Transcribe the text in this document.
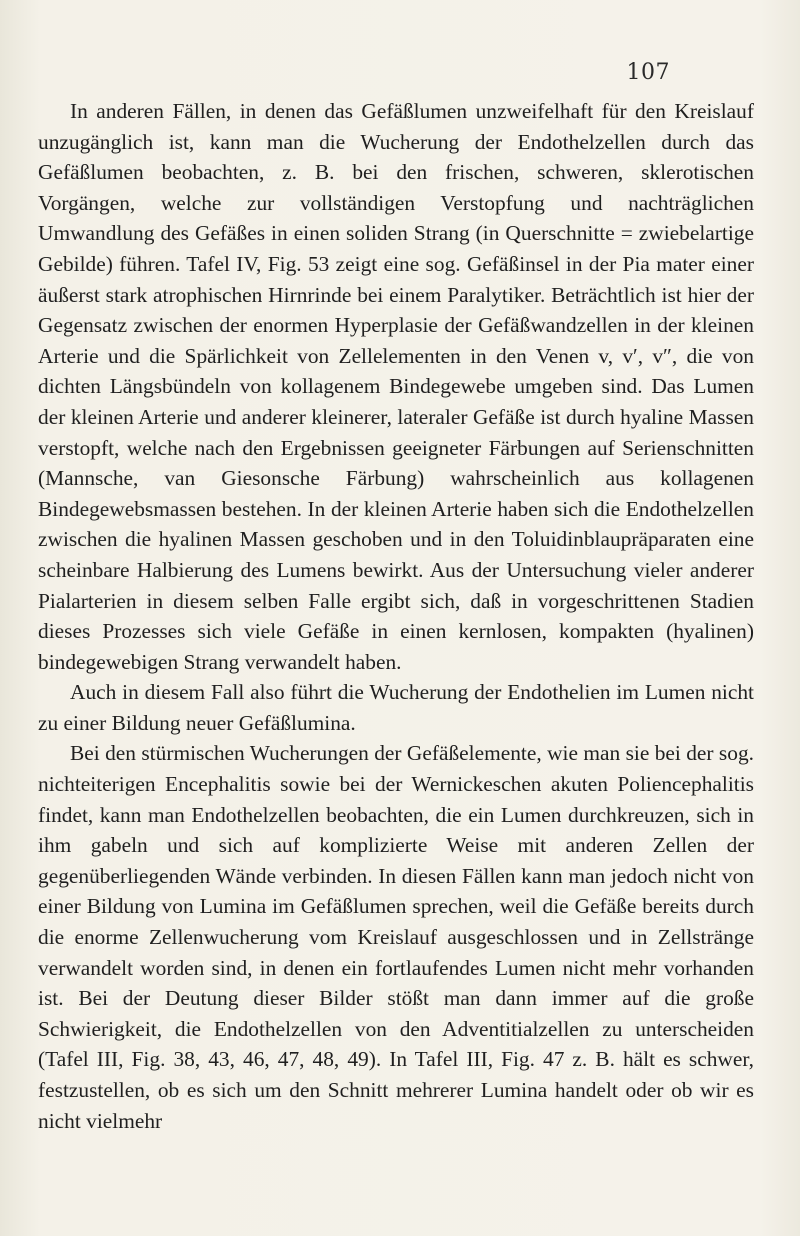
107

In anderen Fällen, in denen das Gefäßlumen unzweifelhaft für den Kreislauf unzugänglich ist, kann man die Wucherung der Endothelzellen durch das Gefäßlumen beobachten, z. B. bei den frischen, schweren, sklerotischen Vorgängen, welche zur vollständigen Verstopfung und nachträglichen Umwandlung des Gefäßes in einen soliden Strang (in Querschnitte = zwiebelartige Gebilde) führen. Tafel IV, Fig. 53 zeigt eine sog. Gefäßinsel in der Pia mater einer äußerst stark atrophischen Hirnrinde bei einem Paralytiker. Beträchtlich ist hier der Gegensatz zwischen der enormen Hyperplasie der Gefäßwandzellen in der kleinen Arterie und die Spärlichkeit von Zellelementen in den Venen v, v′, v″, die von dichten Längsbündeln von kollagenem Bindegewebe umgeben sind. Das Lumen der kleinen Arterie und anderer kleinerer, lateraler Gefäße ist durch hyaline Massen verstopft, welche nach den Ergebnissen geeigneter Färbungen auf Serienschnitten (Mannsche, van Giesonsche Färbung) wahrscheinlich aus kollagenen Bindegewebsmassen bestehen. In der kleinen Arterie haben sich die Endothelzellen zwischen die hyalinen Massen geschoben und in den Toluidinblaupräparaten eine scheinbare Halbierung des Lumens bewirkt. Aus der Untersuchung vieler anderer Pialarterien in diesem selben Falle ergibt sich, daß in vorgeschrittenen Stadien dieses Prozesses sich viele Gefäße in einen kernlosen, kompakten (hyalinen) bindegewebigen Strang verwandelt haben.

Auch in diesem Fall also führt die Wucherung der Endothelien im Lumen nicht zu einer Bildung neuer Gefäßlumina.

Bei den stürmischen Wucherungen der Gefäßelemente, wie man sie bei der sog. nichteiterigen Encephalitis sowie bei der Wernickeschen akuten Poliencephalitis findet, kann man Endothelzellen beobachten, die ein Lumen durchkreuzen, sich in ihm gabeln und sich auf komplizierte Weise mit anderen Zellen der gegenüberliegenden Wände verbinden. In diesen Fällen kann man jedoch nicht von einer Bildung von Lumina im Gefäßlumen sprechen, weil die Gefäße bereits durch die enorme Zellenwucherung vom Kreislauf ausgeschlossen und in Zellstränge verwandelt worden sind, in denen ein fortlaufendes Lumen nicht mehr vorhanden ist. Bei der Deutung dieser Bilder stößt man dann immer auf die große Schwierigkeit, die Endothelzellen von den Adventitialzellen zu unterscheiden (Tafel III, Fig. 38, 43, 46, 47, 48, 49). In Tafel III, Fig. 47 z. B. hält es schwer, festzustellen, ob es sich um den Schnitt mehrerer Lumina handelt oder ob wir es nicht vielmehr
